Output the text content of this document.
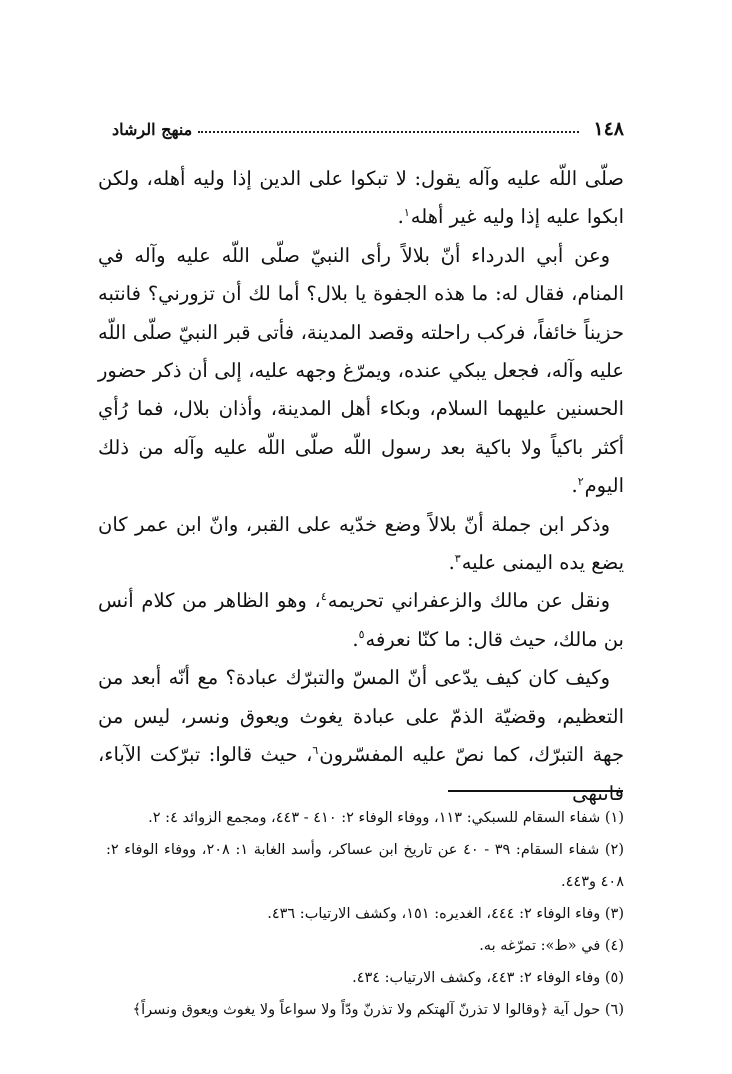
١٤٨
منهج الرشاد

صلّى اللّه عليه وآله يقول: لا تبكوا على الدين إذا وليه أهله، ولكن ابكوا عليه إذا وليه غير أهله$^١$.

وعن أبي الدرداء أنّ بلالاً رأى النبيّ صلّى اللّه عليه وآله في المنام، فقال له: ما هذه الجفوة يا بلال؟ أما لك أن تزورني؟ فانتبه حزيناً خائفاً، فركب راحلته وقصد المدينة، فأتى قبر النبيّ صلّى اللّه عليه وآله، فجعل يبكي عنده، ويمرّغ وجهه عليه، إلى أن ذكر حضور الحسنين عليهما السلام، وبكاء أهل المدينة، وأذان بلال، فما رُأي أكثر باكياً ولا باكية بعد رسول اللّه صلّى اللّه عليه وآله من ذلك اليوم$^٢$.

وذكر ابن جملة أنّ بلالاً وضع خدّيه على القبر، وانّ ابن عمر كان يضع يده اليمنى عليه$^٣$.

ونقل عن مالك والزعفراني تحريمه$^٤$، وهو الظاهر من كلام أنس بن مالك، حيث قال: ما كنّا نعرفه$^٥$.

وكيف كان كيف يدّعى أنّ المسّ والتبرّك عبادة؟ مع أنّه أبعد من التعظيم، وقضيّة الذمّ على عبادة يغوث ويعوق ونسر، ليس من جهة التبرّك، كما نصّ عليه المفسّرون$^٦$، حيث قالوا: تبرّكت الآباء، فانتهى

(١) شفاء السقام للسبكي: ١١٣، ووفاء الوفاء ٢: ٤١٠ - ٤٤٣، ومجمع الزوائد ٤: ٢.

(٢) شفاء السقام: ٣٩ - ٤٠ عن تاريخ ابن عساكر، وأسد الغابة ١: ٢٠٨، ووفاء الوفاء ٢: ٤٠٨ و٤٤٣.

(٣) وفاء الوفاء ٢: ٤٤٤، الغديره: ١٥١، وكشف الارتياب: ٤٣٦.

(٤) في «ط»: تمرّغه به.

(٥) وفاء الوفاء ٢: ٤٤٣، وكشف الارتياب: ٤٣٤.

(٦) حول آية ﴿وقالوا لا تذرنّ آلهتكم ولا تذرنّ ودّاً ولا سواعاً ولا يغوث ويعوق ونسراً﴾
